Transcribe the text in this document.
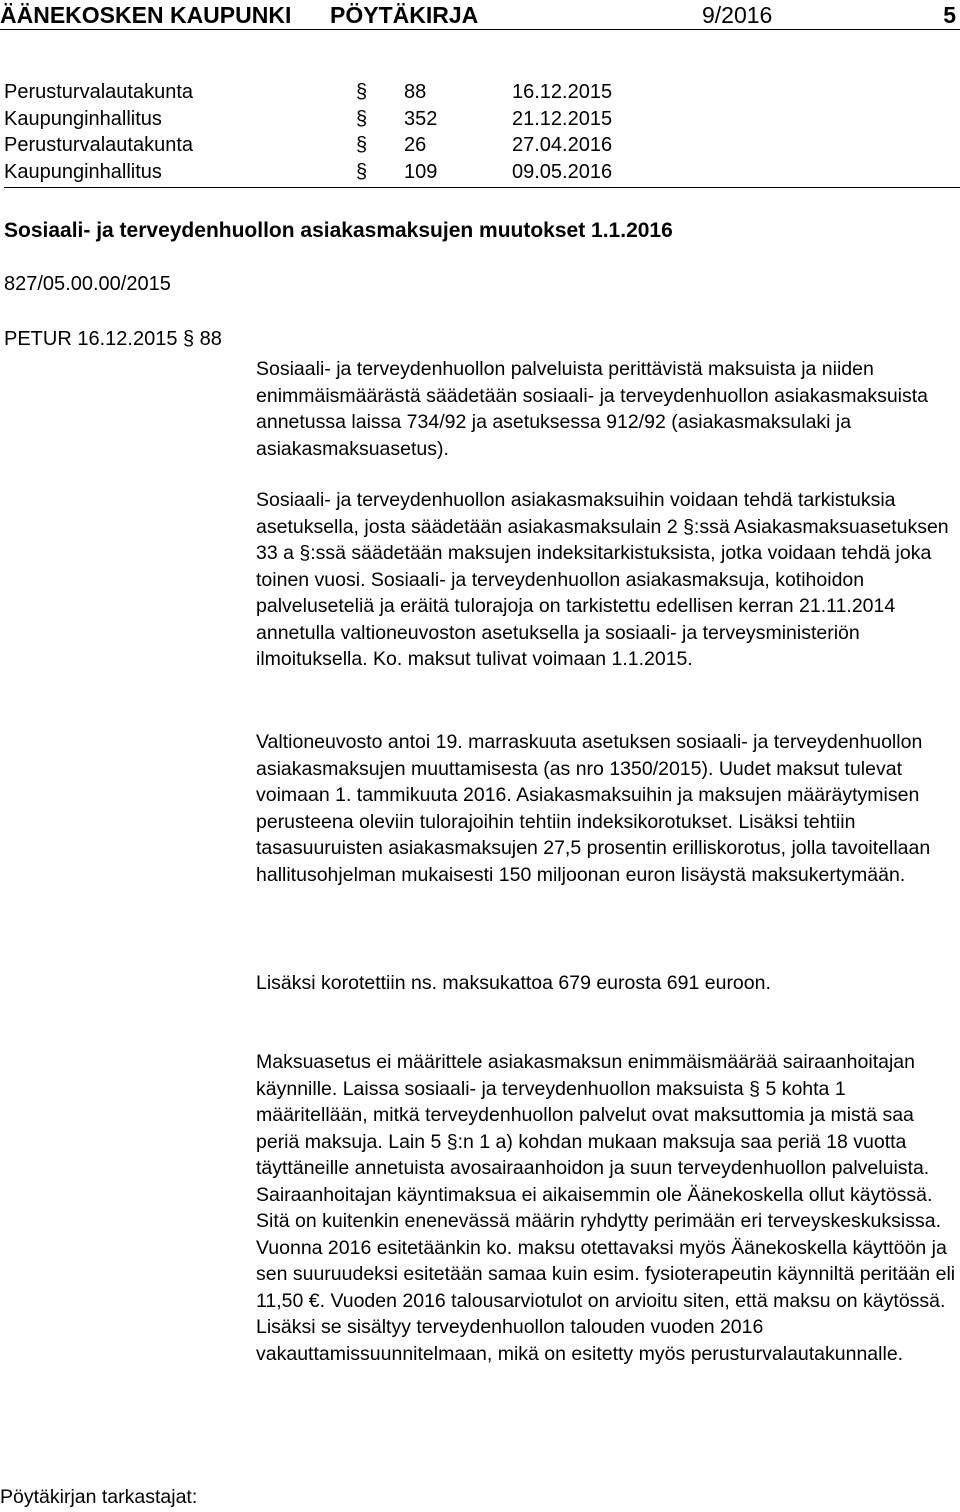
ÄÄNEKOSKEN KAUPUNKI PÖYTÄKIRJA	9/2016	5
Perusturvalautakunta	§ 88	16.12.2015
Kaupunginhallitus	§ 352	21.12.2015
Perusturvalautakunta	§ 26	27.04.2016
Kaupunginhallitus	§ 109	09.05.2016
Sosiaali- ja terveydenhuollon asiakasmaksujen muutokset 1.1.2016
827/05.00.00/2015
PETUR 16.12.2015 § 88

Sosiaali- ja terveydenhuollon palveluista perittävistä maksuista ja niiden enimmäismäärästä säädetään sosiaali- ja terveydenhuollon asiakasmaksuista annetussa laissa 734/92 ja asetuksessa 912/92 (asiakasmaksulaki ja asiakasmaksuasetus).

Sosiaali- ja terveydenhuollon asiakasmaksuihin voidaan tehdä tarkistuksia asetuksella, josta säädetään asiakasmaksulain 2 §:ssä Asiakasmaksuasetuksen 33 a §:ssä säädetään maksujen indeksitarkistuksista, jotka voidaan tehdä joka toinen vuosi. Sosiaali- ja terveydenhuollon asiakasmaksuja, kotihoidon palveluseteliä ja eräitä tulorajoja on tarkistettu edellisen kerran 21.11.2014 annetulla valtioneuvoston asetuksella ja sosiaali- ja terveysministeriön ilmoituksella. Ko. maksut tulivat voimaan 1.1.2015.

Valtioneuvosto antoi 19. marraskuuta asetuksen sosiaali- ja terveydenhuollon asiakasmaksujen muuttamisesta (as nro 1350/2015). Uudet maksut tulevat voimaan 1. tammikuuta 2016. Asiakasmaksuihin ja maksujen määräytymisen perusteena oleviin tulorajoihin tehtiin indeksikorotukset. Lisäksi tehtiin tasasuuruisten asiakasmaksujen 27,5 prosentin erilliskorotus, jolla tavoitellaan hallitusohjelman mukaisesti 150 miljoonan euron lisäystä maksukertymään.

Lisäksi korotettiin ns. maksukattoa 679 eurosta 691 euroon.

Maksuasetus ei määrittele asiakasmaksun enimmäismäärää sairaanhoitajan käynnille. Laissa sosiaali- ja terveydenhuollon maksuista § 5 kohta 1 määritellään, mitkä terveydenhuollon palvelut ovat maksuttomia ja mistä saa periä maksuja. Lain 5 §:n 1 a) kohdan mukaan maksuja saa periä 18 vuotta täyttäneille annetuista avosairaanhoidon ja suun terveydenhuollon palveluista. Sairaanhoitajan käyntimaksua ei aikaisemmin ole Äänekoskella ollut käytössä. Sitä on kuitenkin enenevässä määrin ryhdytty perimään eri terveyskeskuksissa. Vuonna 2016 esitetäänkin ko. maksu otettavaksi myös Äänekoskella käyttöön ja sen suuruudeksi esitetään samaa kuin esim. fysioterapeutin käynniltä peritään eli 11,50 €. Vuoden 2016 talousarviotulot on arvioitu siten, että maksu on käytössä. Lisäksi se sisältyy terveydenhuollon talouden vuoden 2016 vakauttamissuunnitelmaan, mikä on esitetty myös perusturvalautakunnalle.

Pöytäkirjan tarkastajat:
